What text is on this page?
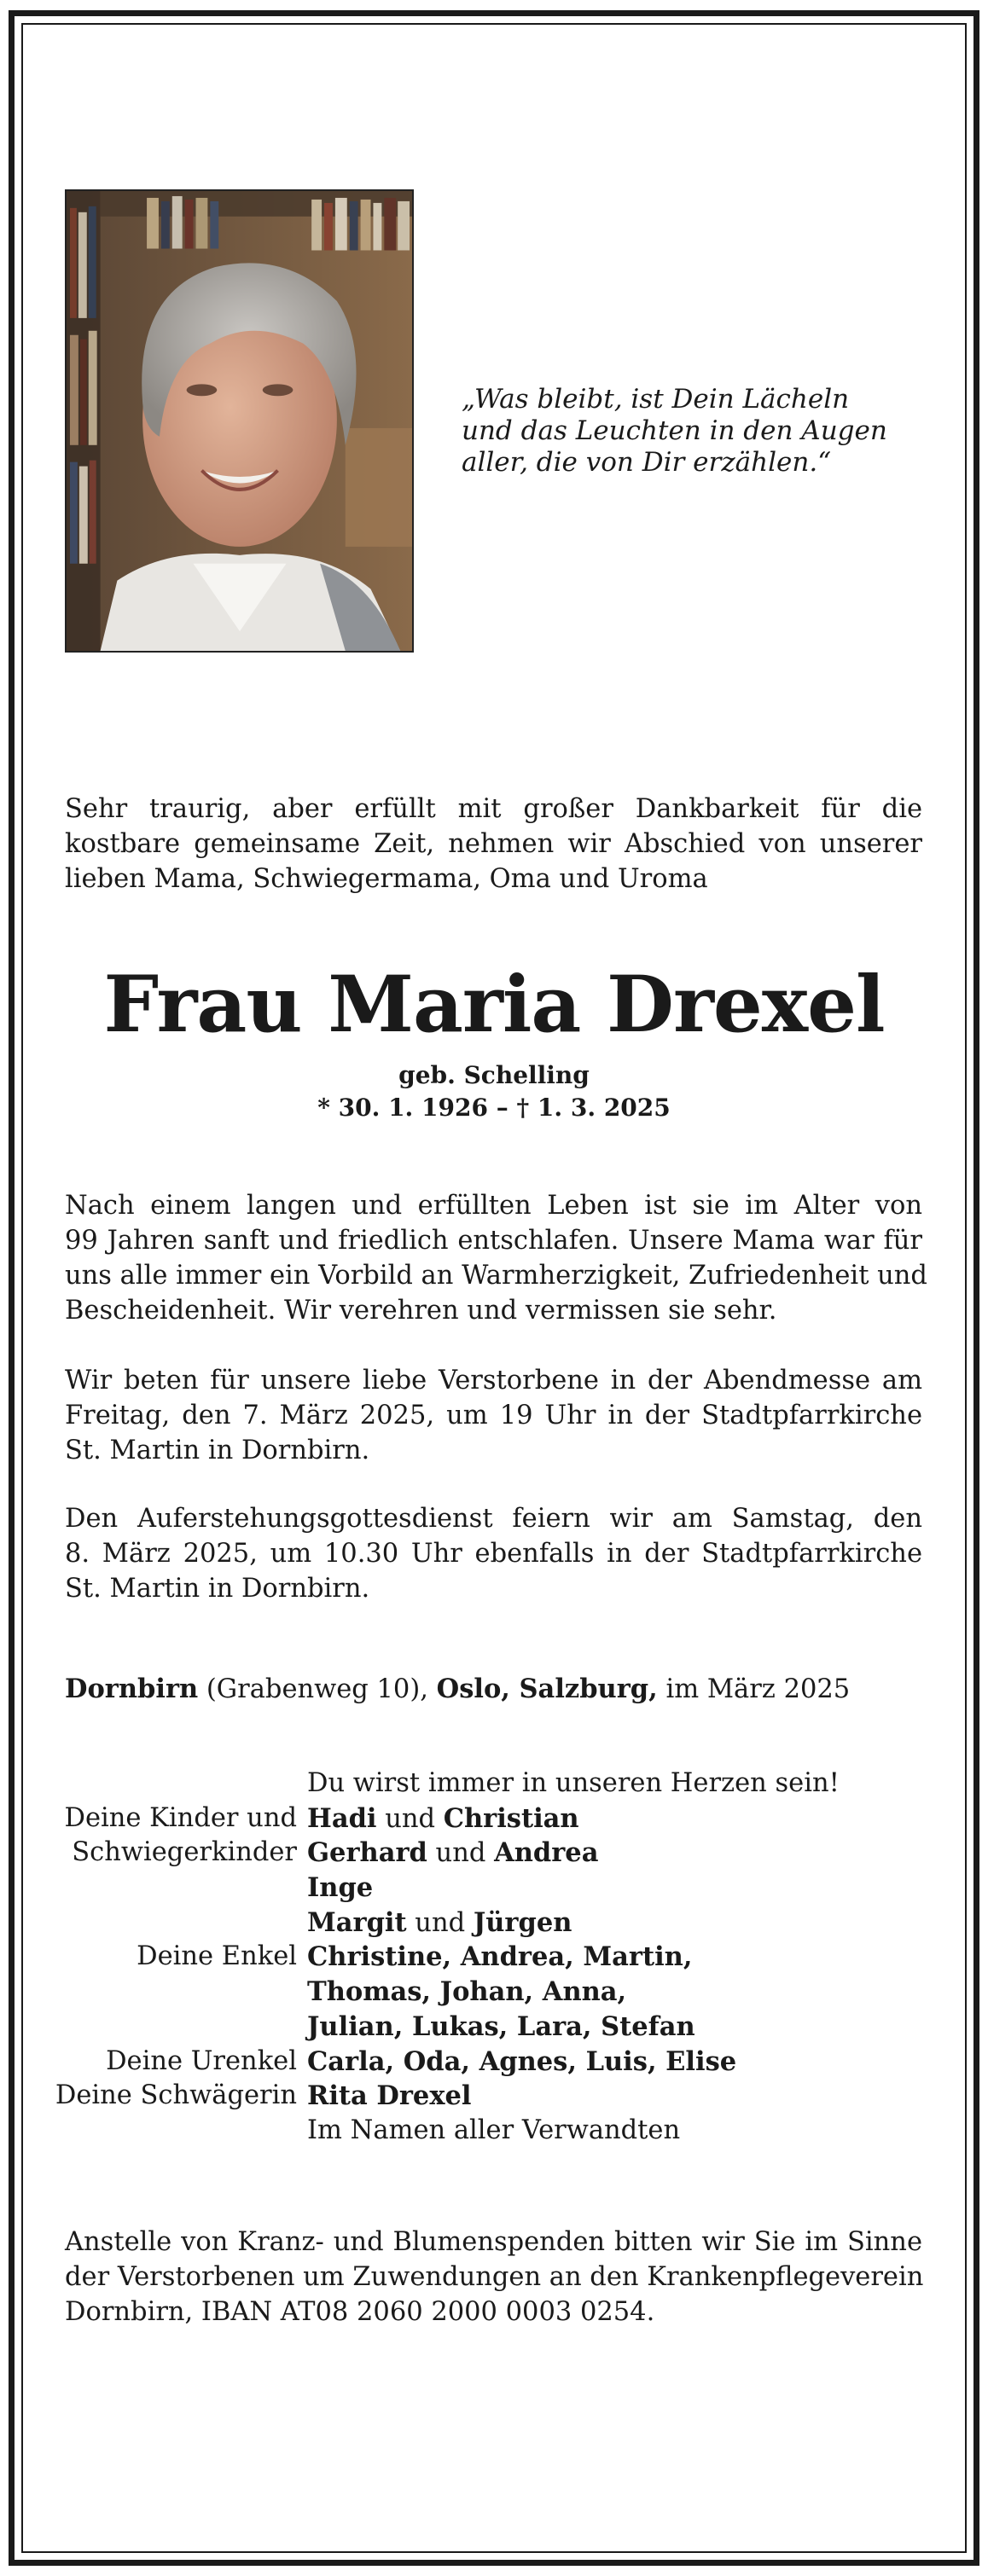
„Was bleibt, ist Dein Lächeln
und das Leuchten in den Augen
aller, die von Dir erzählen.“
Sehr traurig, aber erfüllt mit großer Dankbarkeit für die
kostbare gemeinsame Zeit, nehmen wir Abschied von unserer
lieben Mama, Schwiegermama, Oma und Uroma
Frau Maria Drexel
geb. Schelling
* 30. 1. 1926 – † 1. 3. 2025
Nach einem langen und erfüllten Leben ist sie im Alter von
99 Jahren sanft und friedlich entschlafen. Unsere Mama war für
uns alle immer ein Vorbild an Warmherzigkeit, Zufriedenheit und
Bescheidenheit. Wir verehren und vermissen sie sehr.
Wir beten für unsere liebe Verstorbene in der Abendmesse am
Freitag, den 7. März 2025, um 19 Uhr in der Stadtpfarrkirche
St. Martin in Dornbirn.
Den Auferstehungsgottesdienst feiern wir am Samstag, den
8. März 2025, um 10.30 Uhr ebenfalls in der Stadtpfarrkirche
St. Martin in Dornbirn.
Dornbirn (Grabenweg 10), Oslo, Salzburg, im März 2025
Du wirst immer in unseren Herzen sein!
Deine Kinder und Hadi und Christian
Schwiegerkinder Gerhard und Andrea
Inge
Margit und Jürgen
Deine Enkel Christine, Andrea, Martin,
Thomas, Johan, Anna,
Julian, Lukas, Lara, Stefan
Deine Urenkel Carla, Oda, Agnes, Luis, Elise
Deine Schwägerin Rita Drexel
Im Namen aller Verwandten
Anstelle von Kranz- und Blumenspenden bitten wir Sie im Sinne
der Verstorbenen um Zuwendungen an den Krankenpflegeverein
Dornbirn, IBAN AT08 2060 2000 0003 0254.
